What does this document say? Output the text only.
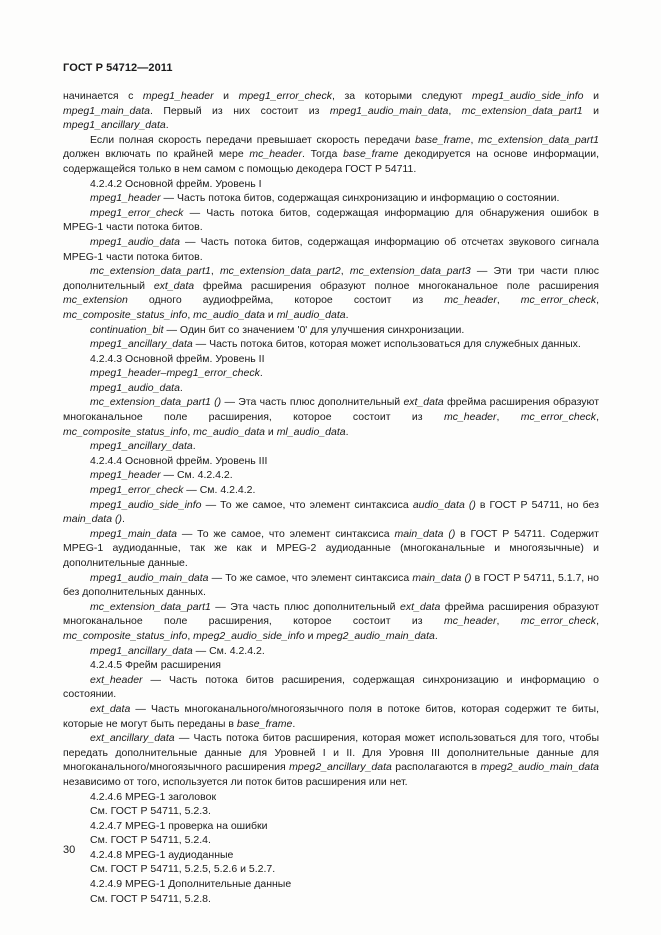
ГОСТ Р 54712—2011

начинается с mpeg1_header и mpeg1_error_check, за которыми следуют mpeg1_audio_side_info и mpeg1_main_data. Первый из них состоит из mpeg1_audio_main_data, mc_extension_data_part1 и mpeg1_ancillary_data.

Если полная скорость передачи превышает скорость передачи base_frame, mc_extension_data_part1 должен включать по крайней мере mc_header. Тогда base_frame декодируется на основе информации, содержащейся только в нем самом с помощью декодера ГОСТ Р 54711.

4.2.4.2 Основной фрейм. Уровень I

mpeg1_header — Часть потока битов, содержащая синхронизацию и информацию о состоянии.

mpeg1_error_check — Часть потока битов, содержащая информацию для обнаружения ошибок в MPEG-1 части потока битов.

mpeg1_audio_data — Часть потока битов, содержащая информацию об отсчетах звукового сигнала MPEG-1 части потока битов.

mc_extension_data_part1, mc_extension_data_part2, mc_extension_data_part3 — Эти три части плюс дополнительный ext_data фрейма расширения образуют полное многоканальное поле расширения mc_extension одного аудиофрейма, которое состоит из mc_header, mc_error_check, mc_composite_status_info, mc_audio_data и ml_audio_data.

continuation_bit — Один бит со значением '0' для улучшения синхронизации.

mpeg1_ancillary_data — Часть потока битов, которая может использоваться для служебных данных.

4.2.4.3 Основной фрейм. Уровень II

mpeg1_header–mpeg1_error_check.

mpeg1_audio_data.

mc_extension_data_part1 () — Эта часть плюс дополнительный ext_data фрейма расширения образуют многоканальное поле расширения, которое состоит из mc_header, mc_error_check, mc_composite_status_info, mc_audio_data и ml_audio_data.

mpeg1_ancillary_data.

4.2.4.4 Основной фрейм. Уровень III

mpeg1_header — См. 4.2.4.2.

mpeg1_error_check — См. 4.2.4.2.

mpeg1_audio_side_info — То же самое, что элемент синтаксиса audio_data () в ГОСТ Р 54711, но без main_data ().

mpeg1_main_data — То же самое, что элемент синтаксиса main_data () в ГОСТ Р 54711. Содержит MPEG-1 аудиоданные, так же как и MPEG-2 аудиоданные (многоканальные и многоязычные) и дополнительные данные.

mpeg1_audio_main_data — То же самое, что элемент синтаксиса main_data () в ГОСТ Р 54711, 5.1.7, но без дополнительных данных.

mc_extension_data_part1 — Эта часть плюс дополнительный ext_data фрейма расширения образуют многоканальное поле расширения, которое состоит из mc_header, mc_error_check, mc_composite_status_info, mpeg2_audio_side_info и mpeg2_audio_main_data.

mpeg1_ancillary_data — См. 4.2.4.2.

4.2.4.5 Фрейм расширения

ext_header — Часть потока битов расширения, содержащая синхронизацию и информацию о состоянии.

ext_data — Часть многоканального/многоязычного поля в потоке битов, которая содержит те биты, которые не могут быть переданы в base_frame.

ext_ancillary_data — Часть потока битов расширения, которая может использоваться для того, чтобы передать дополнительные данные для Уровней I и II. Для Уровня III дополнительные данные для многоканального/многоязычного расширения mpeg2_ancillary_data располагаются в mpeg2_audio_main_data независимо от того, используется ли поток битов расширения или нет.

4.2.4.6 MPEG-1 заголовок

См. ГОСТ Р 54711, 5.2.3.

4.2.4.7 MPEG-1 проверка на ошибки

См. ГОСТ Р 54711, 5.2.4.

4.2.4.8 MPEG-1 аудиоданные

См. ГОСТ Р 54711, 5.2.5, 5.2.6 и 5.2.7.

4.2.4.9 MPEG-1 Дополнительные данные

См. ГОСТ Р 54711, 5.2.8.

30
